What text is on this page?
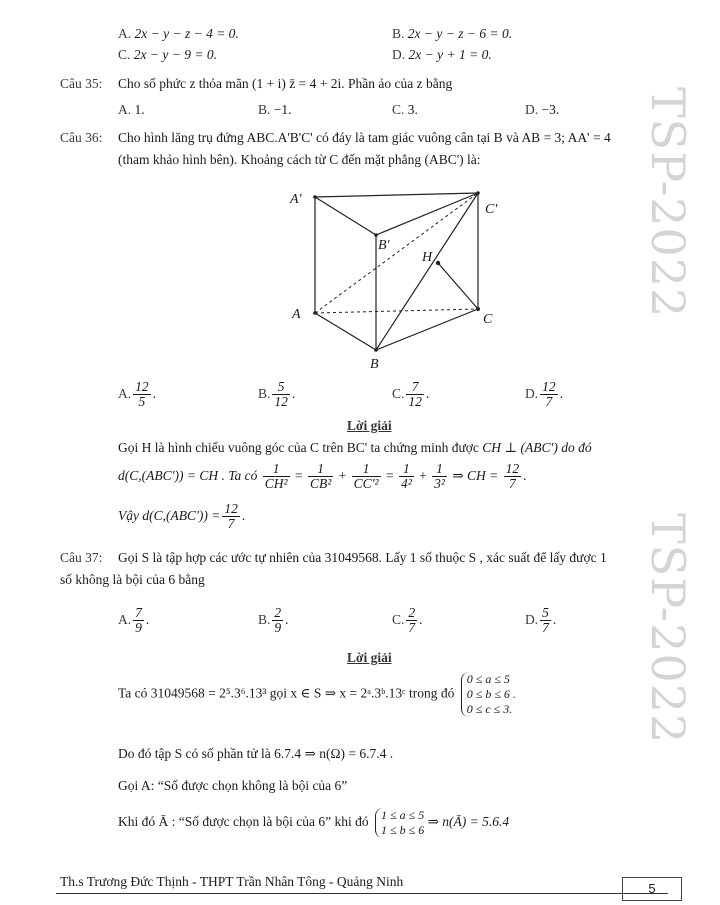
TSP-2022
TSP-2022
A. 2x − y − z − 4 = 0.	B. 2x − y − z − 6 = 0.
C. 2x − y − 9 = 0.	D. 2x − y + 1 = 0.
Câu 35: Cho số phức z thỏa mãn (1 + i) z̄ = 4 + 2i. Phần ảo của z bằng
A. 1.	B. −1.	C. 3.	D. −3.
Câu 36: Cho hình lăng trụ đứng ABC.A'B'C' có đáy là tam giác vuông cân tại B và AB = 3; AA' = 4
(tham khảo hình bên). Khoảng cách từ C đến mặt phẳng (ABC') là:
A'
C'
B'
H
A	C
B
A. $\frac{12}{5}$ .	B. $\frac{5}{12}$ .	C. $\frac{7}{12}$ .	D. $\frac{12}{7}$ .
Lời giải
Gọi H là hình chiếu vuông góc của C trên BC' ta chứng minh được CH ⊥ (ABC') do đó
d(C,(ABC')) = CH . Ta có $\frac{1}{\text{CH²}} = \frac{1}{\text{CB²}} + \frac{1}{\text{CC'²}} = \frac{1}{\text{4²}} + \frac{1}{\text{3²}}$ ⇒ CH = $\frac{12}{7}$ .
Vậy $d(C,(ABC')) = \frac{12}{7}$ .
Câu 37: Gọi S là tập hợp các ước tự nhiên của 31049568. Lấy 1 số thuộc S , xác suất để lấy được 1
số không là bội của 6 bằng
A. $\frac{7}{9}$ .	B. $\frac{2}{9}$ .	C. $\frac{2}{7}$ .	D. $\frac{5}{7}$ .
Lời giải
Ta có 31049568 = 2⁵.3⁶.13³ gọi x ∈ S ⇒ x = 2ᵃ.3ᵇ.13ᶜ trong đó
0 ≤ a ≤ 5
0 ≤ b ≤ 6 .
0 ≤ c ≤ 3.
Do đó tập S có số phần tử là 6.7.4 ⇒ n(Ω) = 6.7.4 .
Gọi A: “Số được chọn không là bội của 6”
Khi đó Ā : “Số được chọn là bội của 6” khi đó 1 ≤ a ≤ 5
1 ≤ b ≤ 6
⇒ n(Ā) = 5.6.4
Th.s Trương Đức Thịnh - THPT Trần Nhân Tông - Quảng Ninh	5
